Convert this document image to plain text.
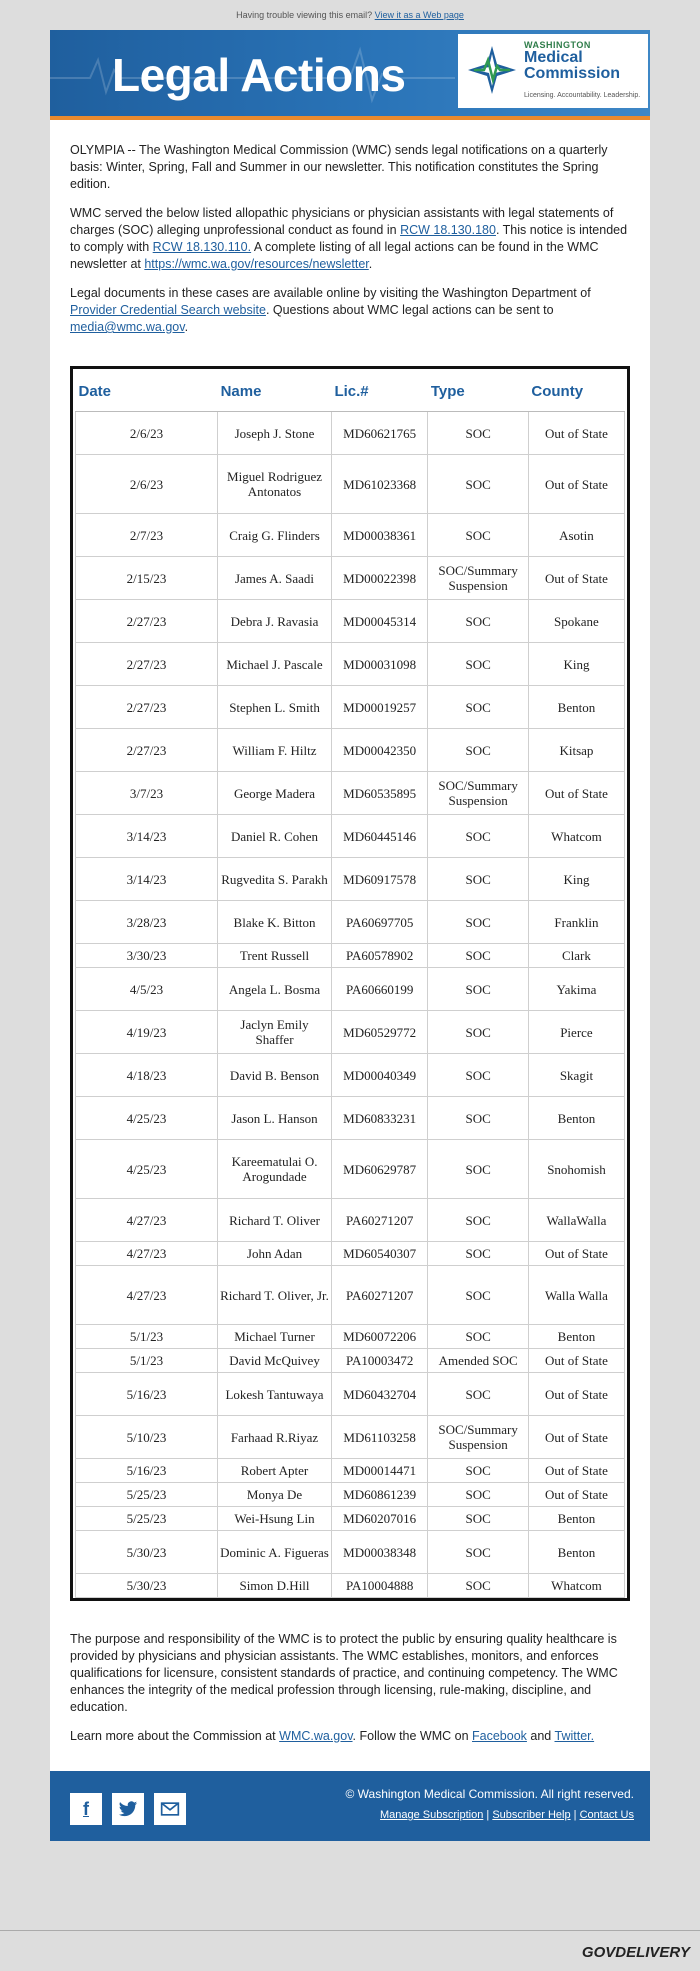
Having trouble viewing this email? View it as a Web page
Legal Actions
WASHINGTON
Medical
Commission
Licensing. Accountability. Leadership.

OLYMPIA -- The Washington Medical Commission (WMC) sends legal notifications on a quarterly basis: Winter, Spring, Fall and Summer in our newsletter. This notification constitutes the Spring edition.

WMC served the below listed allopathic physicians or physician assistants with legal statements of charges (SOC) alleging unprofessional conduct as found in RCW 18.130.180. This notice is intended to comply with RCW 18.130.110. A complete listing of all legal actions can be found in the WMC newsletter at https://wmc.wa.gov/resources/newsletter.

Legal documents in these cases are available online by visiting the Washington Department of Provider Credential Search website. Questions about WMC legal actions can be sent to media@wmc.wa.gov.

Date	Name	Lic.#	Type	County
2/6/23	Joseph J. Stone	MD60621765	SOC	Out of State
2/6/23	Miguel Rodriguez Antonatos	MD61023368	SOC	Out of State
2/7/23	Craig G. Flinders	MD00038361	SOC	Asotin
2/15/23	James A. Saadi	MD00022398	SOC/Summary Suspension	Out of State
2/27/23	Debra J. Ravasia	MD00045314	SOC	Spokane
2/27/23	Michael J. Pascale	MD00031098	SOC	King
2/27/23	Stephen L. Smith	MD00019257	SOC	Benton
2/27/23	William F. Hiltz	MD00042350	SOC	Kitsap
3/7/23	George Madera	MD60535895	SOC/Summary Suspension	Out of State
3/14/23	Daniel R. Cohen	MD60445146	SOC	Whatcom
3/14/23	Rugvedita S. Parakh	MD60917578	SOC	King
3/28/23	Blake K. Bitton	PA60697705	SOC	Franklin
3/30/23	Trent Russell	PA60578902	SOC	Clark
4/5/23	Angela L. Bosma	PA60660199	SOC	Yakima
4/19/23	Jaclyn Emily Shaffer	MD60529772	SOC	Pierce
4/18/23	David B. Benson	MD00040349	SOC	Skagit
4/25/23	Jason L. Hanson	MD60833231	SOC	Benton
4/25/23	Kareematulai O. Arogundade	MD60629787	SOC	Snohomish
4/27/23	Richard T. Oliver	PA60271207	SOC	WallaWalla
4/27/23	John Adan	MD60540307	SOC	Out of State
4/27/23	Richard T. Oliver, Jr.	PA60271207	SOC	Walla Walla
5/1/23	Michael Turner	MD60072206	SOC	Benton
5/1/23	David McQuivey	PA10003472	Amended SOC	Out of State
5/16/23	Lokesh Tantuwaya	MD60432704	SOC	Out of State
5/10/23	Farhaad R.Riyaz	MD61103258	SOC/Summary Suspension	Out of State
5/16/23	Robert Apter	MD00014471	SOC	Out of State
5/25/23	Monya De	MD60861239	SOC	Out of State
5/25/23	Wei-Hsung Lin	MD60207016	SOC	Benton
5/30/23	Dominic A. Figueras	MD00038348	SOC	Benton
5/30/23	Simon D.Hill	PA10004888	SOC	Whatcom

The purpose and responsibility of the WMC is to protect the public by ensuring quality healthcare is provided by physicians and physician assistants. The WMC establishes, monitors, and enforces qualifications for licensure, consistent standards of practice, and continuing competency. The WMC enhances the integrity of the medical profession through licensing, rule-making, discipline, and education.

Learn more about the Commission at WMC.wa.gov. Follow the WMC on Facebook and Twitter.

f
© Washington Medical Commission. All right reserved.
Manage Subscription | Subscriber Help | Contact Us
GOVDELIVERY
